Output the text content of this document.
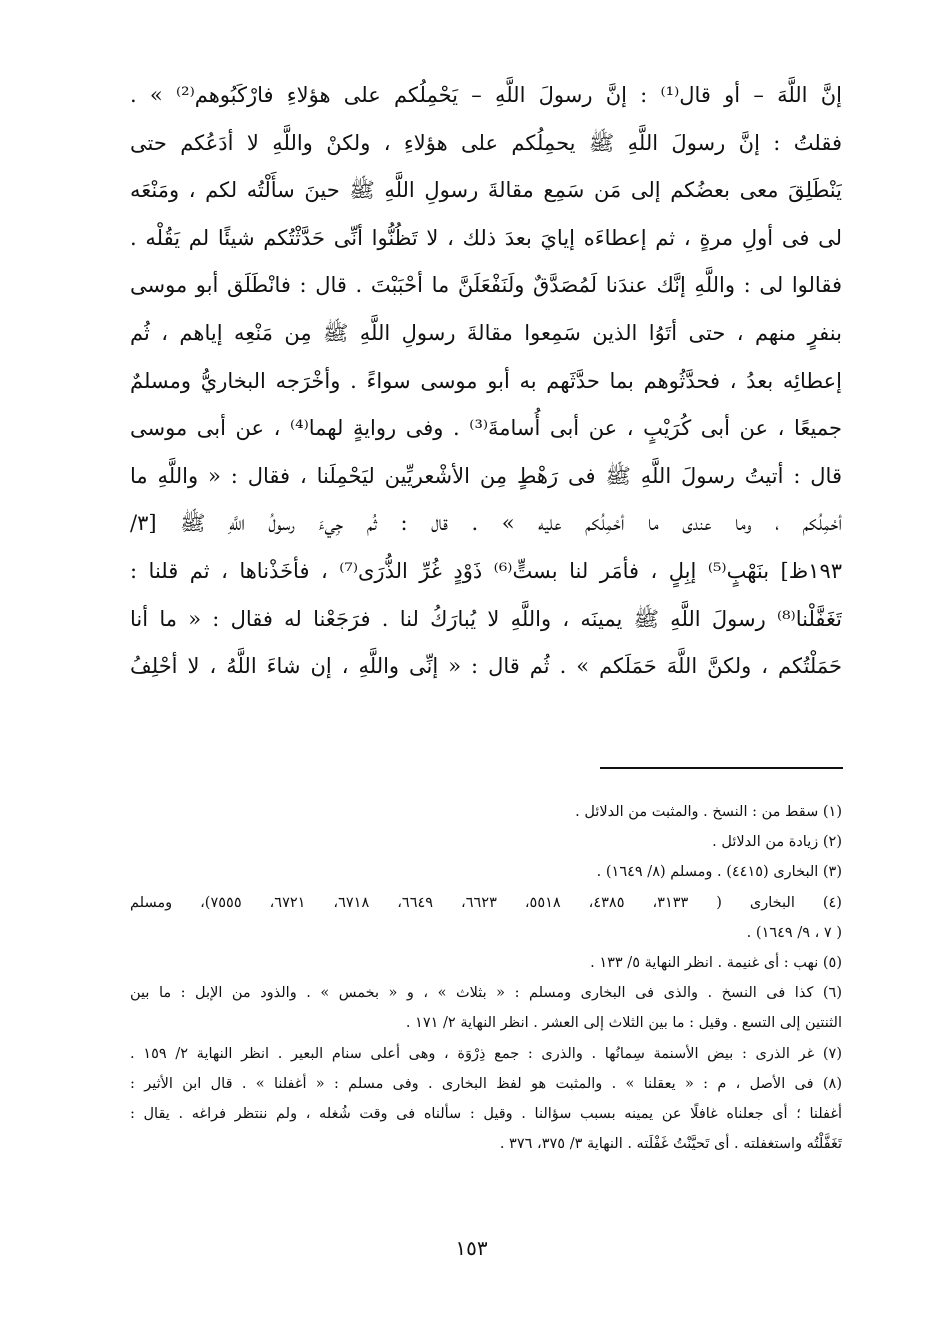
إنَّ اللَّهَ – أو قال⁽¹⁾ : إنَّ رسولَ اللَّهِ – يَحْمِلُكم على هؤلاءِ فارْكَبُوهم⁽²⁾ » .
فقلتُ : إنَّ رسولَ اللَّهِ ﷺ يحمِلُكم على هؤلاءِ ، ولكنْ واللَّهِ لا أدَعُكم حتى
يَنْطَلِقَ معى بعضُكم إلى مَن سَمِع مقالةَ رسولِ اللَّهِ ﷺ حينَ سأَلْتُه لكم ، ومَنْعَه
لى فى أولِ مرةٍ ، ثم إعطاءَه إيايَ بعدَ ذلك ، لا تَظُنُّوا أنِّى حَدَّثْتُكم شيئًا لم يَقُلْه .
فقالوا لى : واللَّهِ إنَّك عندَنا لَمُصَدَّقٌ ولَنَفْعَلَنَّ ما أحْبَبْتَ . قال : فانْطَلَق أبو موسى
بنفرٍ منهم ، حتى أتَوُا الذين سَمِعوا مقالةَ رسولِ اللَّهِ ﷺ مِن مَنْعِه إياهم ، ثُم
إعطائِه بعدُ ، فحدَّثُوهم بما حدَّثَهم به أبو موسى سواءً . وأخْرَجه البخاريُّ ومسلمٌ
جميعًا ، عن أبى كُرَيْبٍ ، عن أبى أُسامةَ⁽³⁾ . وفى روايةٍ لهما⁽⁴⁾ ، عن أبى موسى
قال : أتيتُ رسولَ اللَّهِ ﷺ فى رَهْطٍ مِن الأشْعريِّين ليَحْمِلَنا ، فقال : « واللَّهِ ما
أحْمِلُكم ، وما عندى ما أحْمِلُكم عليه » . قال : ثُم جِيءَ رسولُ اللَّهِ ﷺ [٣/
١٩٣ظ] بنَهْبٍ⁽⁵⁾ إبِلٍ ، فأمَر لنا بستٍّ⁽⁶⁾ ذَوْدٍ غُرِّ الذُّرَى⁽⁷⁾ ، فأخَذْناها ، ثم قلنا :
تَغَفَّلْنا⁽⁸⁾ رسولَ اللَّهِ ﷺ يمينَه ، واللَّهِ لا يُبارَكُ لنا . فرَجَعْنا له فقال : « ما أنا
حَمَلْتُكم ، ولكنَّ اللَّهَ حَمَلَكم » . ثُم قال : « إنِّى واللَّهِ ، إن شاءَ اللَّهُ ، لا أحْلِفُ
(١) سقط من : النسخ . والمثبت من الدلائل .
(٢) زيادة من الدلائل .
(٣) البخارى (٤٤١٥) . ومسلم (٨/ ١٦٤٩) .
(٤) البخارى ( ٣١٣٣، ٤٣٨٥، ٥٥١٨، ٦٦٢٣، ٦٦٤٩، ٦٧١٨، ٦٧٢١، ٧٥٥٥)، ومسلم
( ٧ ، ٩/ ١٦٤٩) .
(٥) نهب : أى غنيمة . انظر النهاية ٥/ ١٣٣ .
(٦) كذا فى النسخ . والذى فى البخارى ومسلم : « بثلاث » ، و « بخمس » . والذود من الإبل : ما بين
الثنتين إلى التسع . وقيل : ما بين الثلاث إلى العشر . انظر النهاية ٢/ ١٧١ .
(٧) غر الذرى : بيض الأسنمة سِمانُها . والذرى : جمع ذِرْوَة ، وهى أعلى سنام البعير . انظر النهاية ٢/ ١٥٩ .
(٨) فى الأصل ، م : « يعقلنا » . والمثبت هو لفظ البخارى . وفى مسلم : « أغفلنا » . قال ابن الأثير :
أغفلنا ؛ أى جعلناه غافلًا عن يمينه بسبب سؤالنا . وقيل : سألناه فى وقت شُغله ، ولم ننتظر فراغه . يقال :
تَغَفَّلْتُه واستغفلته . أى تَحيَّنْتُ غَفْلَته . النهاية ٣/ ٣٧٥، ٣٧٦ .
١٥٣
